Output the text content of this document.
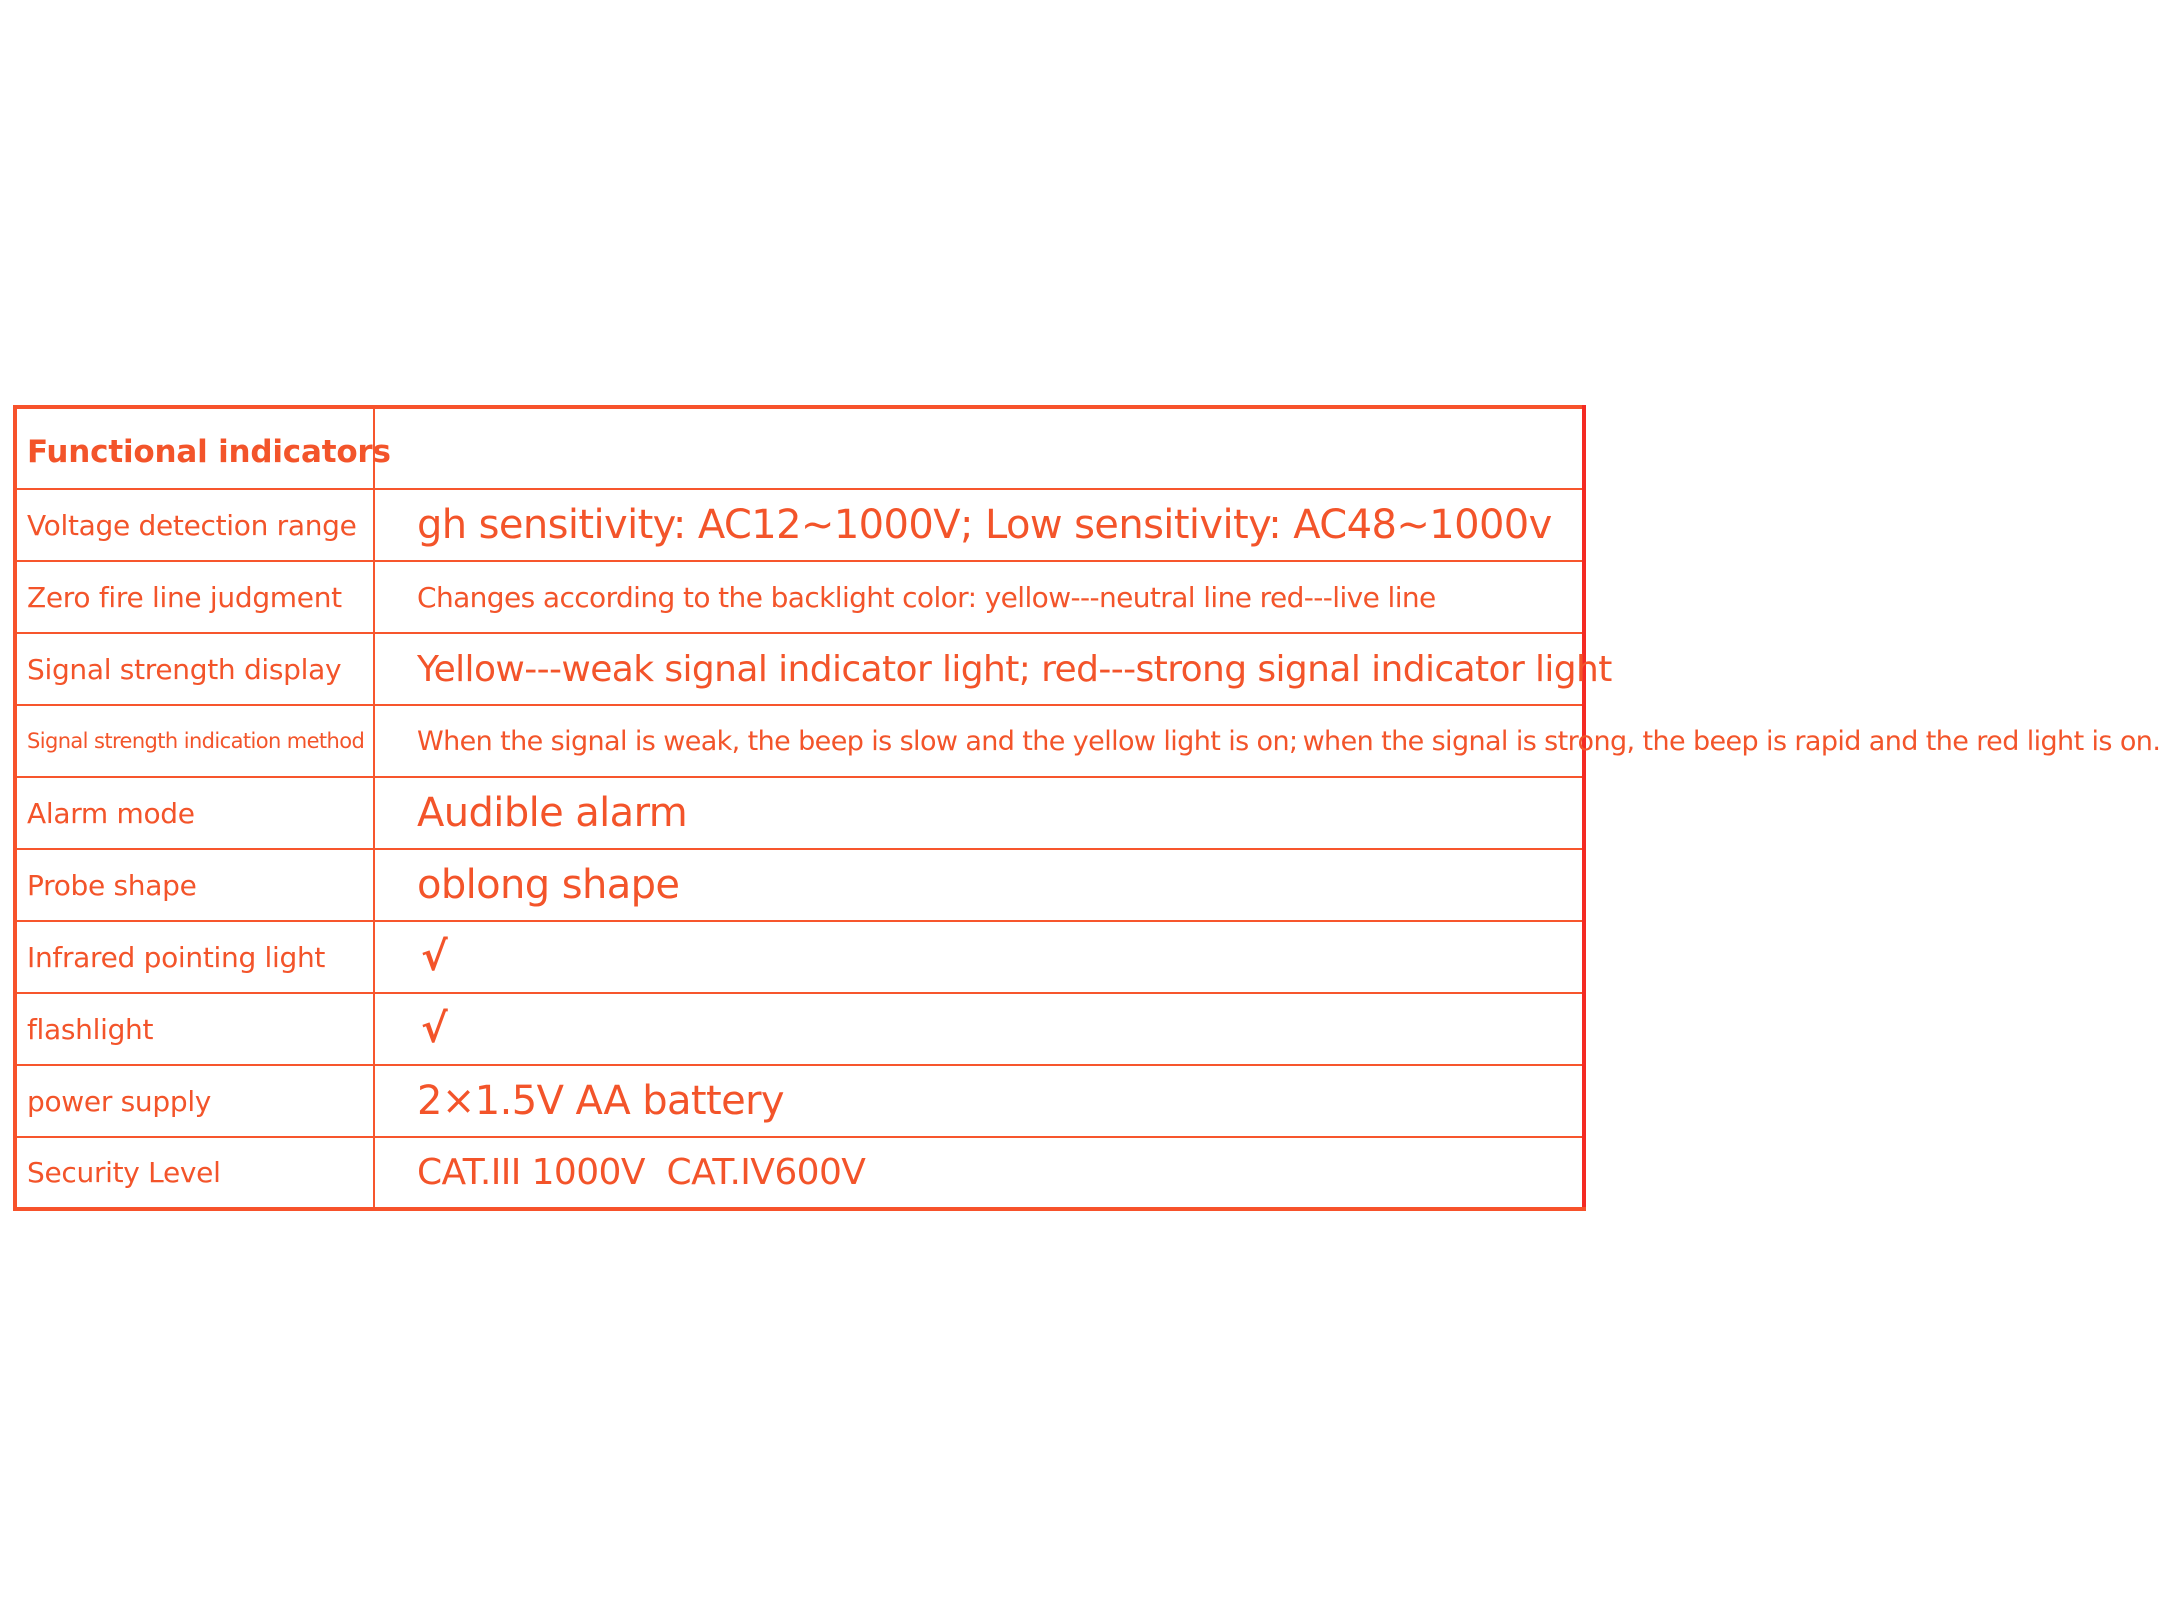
Functional indicators	
Voltage detection range	gh sensitivity: AC12~1000V; Low sensitivity: AC48~1000v
Zero fire line judgment	Changes according to the backlight color: yellow---neutral line red---live line
Signal strength display	Yellow---weak signal indicator light; red---strong signal indicator light
Signal strength indication method	When the signal is weak, the beep is slow and the yellow light is on; when the signal is strong, the beep is rapid and the red light is on.
Alarm mode	Audible alarm
Probe shape	oblong shape
Infrared pointing light	√
flashlight	√
power supply	2×1.5V AA battery
Security Level	CAT.III 1000V  CAT.IV600V
